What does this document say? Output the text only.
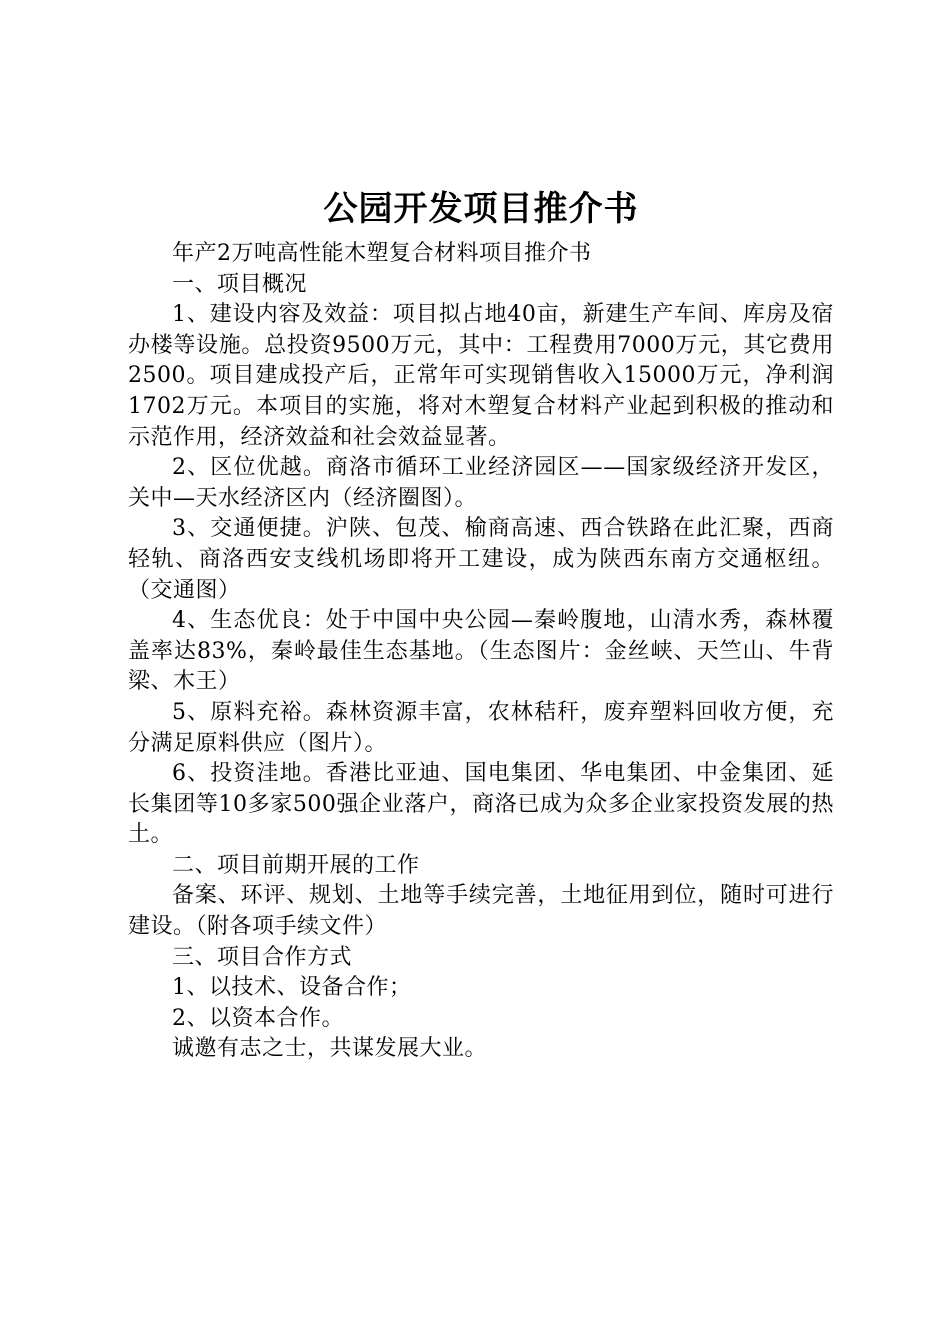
公园开发项目推介书

年产2万吨高性能木塑复合材料项目推介书

一、项目概况

1、建设内容及效益：项目拟占地40亩，新建生产车间、库房及宿办楼等设施。总投资9500万元，其中：工程费用7000万元，其它费用2500。项目建成投产后，正常年可实现销售收入15000万元，净利润1702万元。本项目的实施，将对木塑复合材料产业起到积极的推动和示范作用，经济效益和社会效益显著。

2、区位优越。商洛市循环工业经济园区——国家级经济开发区，关中—天水经济区内（经济圈图）。

3、交通便捷。沪陕、包茂、榆商高速、西合铁路在此汇聚，西商轻轨、商洛西安支线机场即将开工建设，成为陕西东南方交通枢纽。（交通图）

4、生态优良：处于中国中央公园—秦岭腹地，山清水秀，森林覆盖率达83%，秦岭最佳生态基地。（生态图片：金丝峡、天竺山、牛背梁、木王）

5、原料充裕。森林资源丰富，农林秸秆，废弃塑料回收方便，充分满足原料供应（图片）。

6、投资洼地。香港比亚迪、国电集团、华电集团、中金集团、延长集团等10多家500强企业落户，商洛已成为众多企业家投资发展的热土。

二、项目前期开展的工作

备案、环评、规划、土地等手续完善，土地征用到位，随时可进行建设。（附各项手续文件）

三、项目合作方式

1、以技术、设备合作；

2、以资本合作。

诚邀有志之士，共谋发展大业。
